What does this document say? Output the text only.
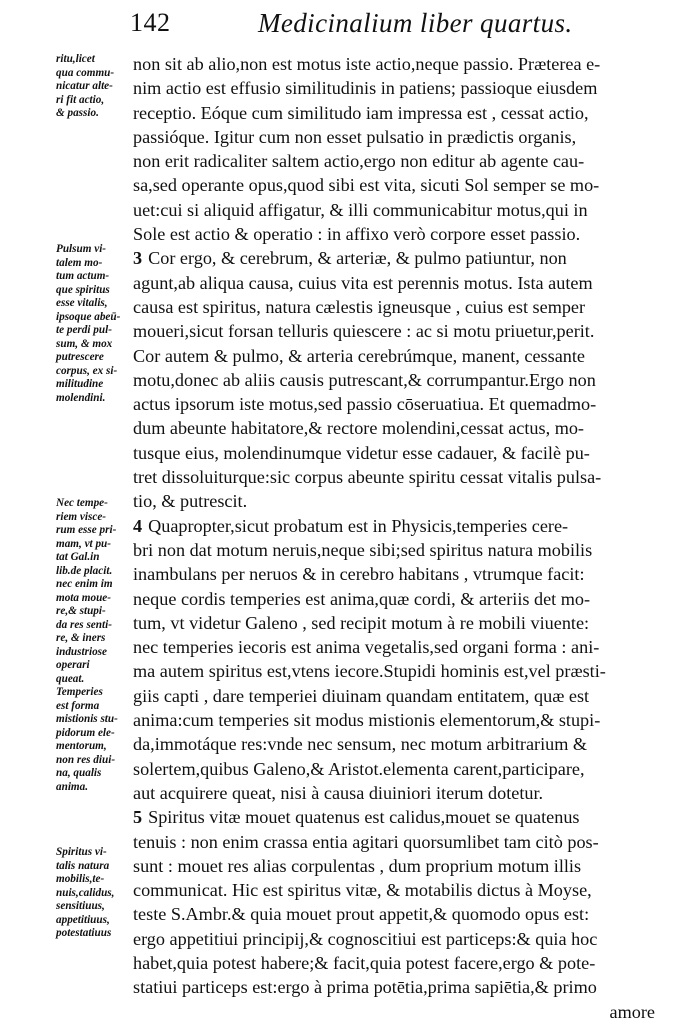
142	Medicinalium liber quartus.
ritu,licet
qua commu-
nicatur alte-
ri fit actio,
& passio.
Pulsum vi-
talem mo-
tum actum-
que spiritus
esse vitalis,
ipsoque abeū-
te perdi pul-
sum, & mox
putrescere
corpus, ex si-
militudine
molendini.
Nec tempe-
riem visce-
rum esse pri-
mam, vt pu-
tat Gal.in
lib.de placit.
nec enim im
mota moue-
re,& stupi-
da res senti-
re, & iners
industriose
operari
queat.
Temperies
est forma
mistionis stu-
pidorum ele-
mentorum,
non res diui-
na, qualis
anima.
Spiritus vi-
talis natura
mobilis,te-
nuis,calidus,
sensitiuus,
appetitiuus,
potestatiuus
non sit ab alio,non est motus iste actio,neque passio. Præterea e-
nim actio est effusio similitudinis in patiens; passioque eiusdem
receptio. Eóque cum similitudo iam impressa est , cessat actio,
passióque. Igitur cum non esset pulsatio in prædictis organis,
non erit radicaliter saltem actio,ergo non editur ab agente cau-
sa,sed operante opus,quod sibi est vita, sicuti Sol semper se mo-
uet:cui si aliquid affigatur, & illi communicabitur motus,qui in
Sole est actio & operatio : in affixo verò corpore esset passio.
3 Cor ergo, & cerebrum, & arteriæ, & pulmo patiuntur, non
agunt,ab aliqua causa, cuius vita est perennis motus. Ista autem
causa est spiritus, natura cælestis igneusque , cuius est semper
moueri,sicut forsan telluris quiescere : ac si motu priuetur,perit.
Cor autem & pulmo, & arteria cerebrúmque, manent, cessante
motu,donec ab aliis causis putrescant,& corrumpantur.Ergo non
actus ipsorum iste motus,sed passio cōseruatiua. Et quemadmo-
dum abeunte habitatore,& rectore molendini,cessat actus, mo-
tusque eius, molendinumque videtur esse cadauer, & facilè pu-
tret dissoluiturque:sic corpus abeunte spiritu cessat vitalis pulsa-
tio, & putrescit.
4 Quapropter,sicut probatum est in Physicis,temperies cere-
bri non dat motum neruis,neque sibi;sed spiritus natura mobilis
inambulans per neruos & in cerebro habitans , vtrumque facit:
neque cordis temperies est anima,quæ cordi, & arteriis det mo-
tum, vt videtur Galeno , sed recipit motum à re mobili viuente:
nec temperies iecoris est anima vegetalis,sed organi forma : ani-
ma autem spiritus est,vtens iecore.Stupidi hominis est,vel præsti-
giis capti , dare temperiei diuinam quandam entitatem, quæ est
anima:cum temperies sit modus mistionis elementorum,& stupi-
da,immotáque res:vnde nec sensum, nec motum arbitrarium &
solertem,quibus Galeno,& Aristot.elementa carent,participare,
aut acquirere queat, nisi à causa diuiniori iterum dotetur.
5 Spiritus vitæ mouet quatenus est calidus,mouet se quatenus
tenuis : non enim crassa entia agitari quorsumlibet tam citò pos-
sunt : mouet res alias corpulentas , dum proprium motum illis
communicat. Hic est spiritus vitæ, & motabilis dictus à Moyse,
teste S.Ambr.& quia mouet prout appetit,& quomodo opus est:
ergo appetitiui principij,& cognoscitiui est particeps:& quia hoc
habet,quia potest habere;& facit,quia potest facere,ergo & pote-
statiui particeps est:ergo à prima potētia,prima sapiētia,& primo
amore
